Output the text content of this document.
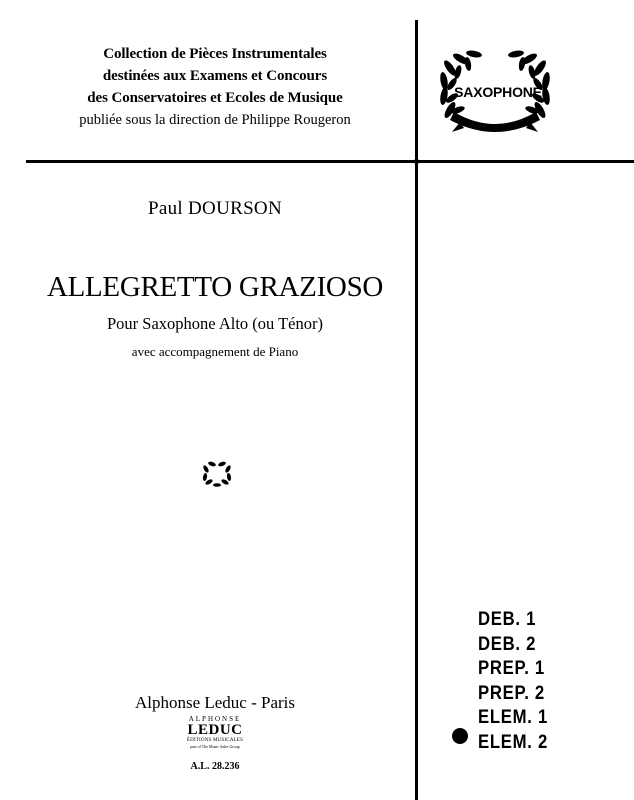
Collection de Pièces Instrumentales
destinées aux Examens et Concours
des Conservatoires et Ecoles de Musique
publiée sous la direction de Philippe Rougeron
SAXOPHONE
Paul DOURSON
ALLEGRETTO GRAZIOSO
Pour Saxophone Alto (ou Ténor)
avec accompagnement de Piano
Alphonse Leduc - Paris
ALPHONSE
LEDUC
ÉDITIONS MUSICALES
part of The Music Sales Group
A.L. 28.236
DEB. 1
DEB. 2
PREP. 1
PREP. 2
ELEM. 1
ELEM. 2
